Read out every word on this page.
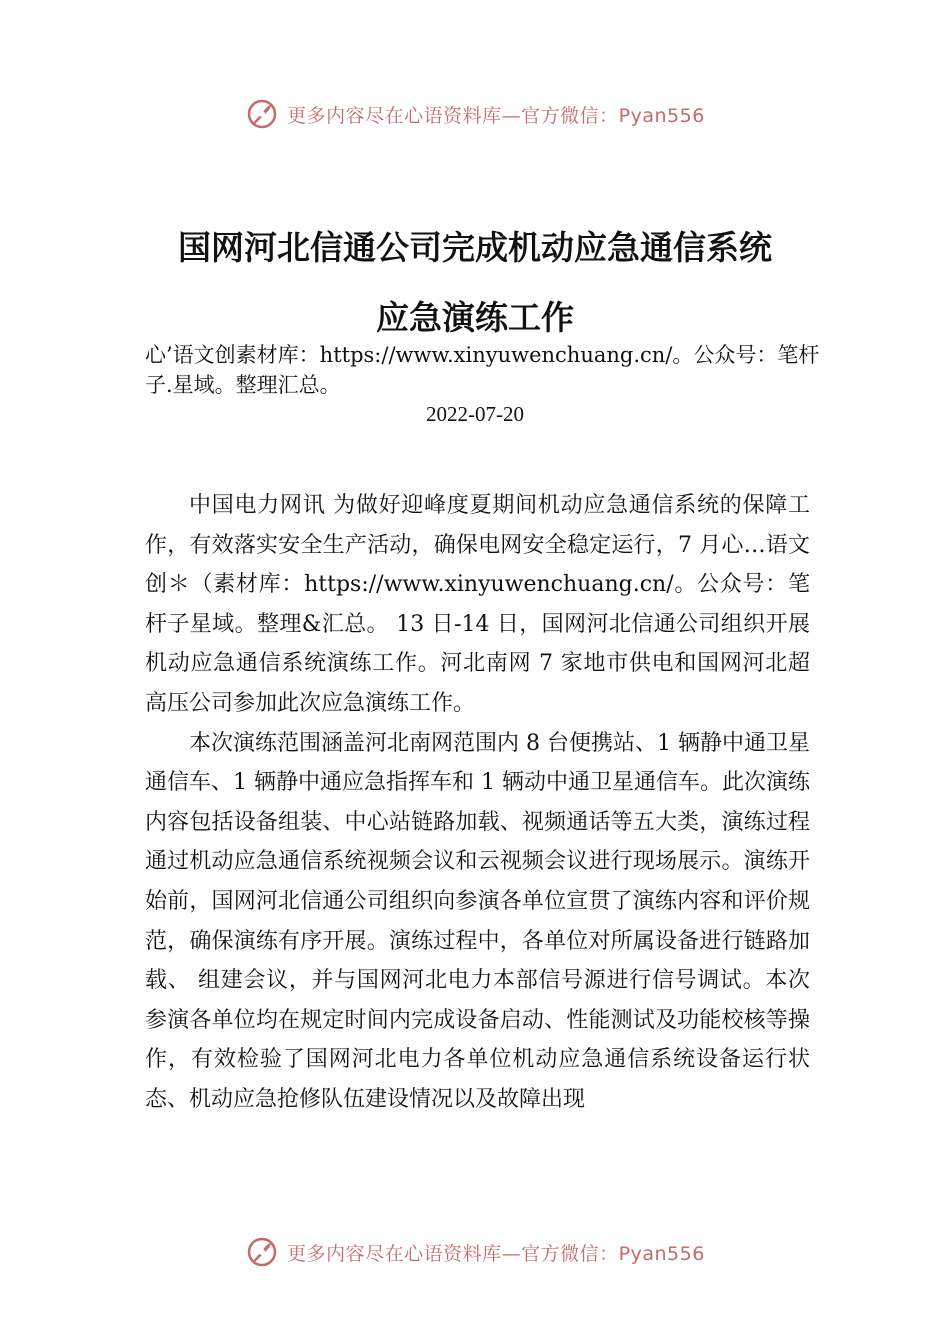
更多内容尽在心语资料库—官方微信：Pyan556
国网河北信通公司完成机动应急通信系统
应急演练工作
心’语文创素材库：https://www.xinyuwenchuang.cn/。公众号：笔杆子.星域。整理汇总。
2022-07-20

中国电力网讯 为做好迎峰度夏期间机动应急通信系统的保障工作，有效落实安全生产活动，确保电网安全稳定运行，7 月心…语文创＊（素材库：https://www.xinyuwenchuang.cn/。公众号：笔杆子星域。整理&汇总。 13 日-14 日，国网河北信通公司组织开展机动应急通信系统演练工作。河北南网 7 家地市供电和国网河北超高压公司参加此次应急演练工作。

本次演练范围涵盖河北南网范围内 8 台便携站、1 辆静中通卫星通信车、1 辆静中通应急指挥车和 1 辆动中通卫星通信车。此次演练内容包括设备组装、中心站链路加载、视频通话等五大类，演练过程通过机动应急通信系统视频会议和云视频会议进行现场展示。演练开始前，国网河北信通公司组织向参演各单位宣贯了演练内容和评价规范，确保演练有序开展。演练过程中，各单位对所属设备进行链路加载、 组建会议，并与国网河北电力本部信号源进行信号调试。本次参演各单位均在规定时间内完成设备启动、性能测试及功能校核等操作，有效检验了国网河北电力各单位机动应急通信系统设备运行状态、机动应急抢修队伍建设情况以及故障出现

更多内容尽在心语资料库—官方微信：Pyan556
